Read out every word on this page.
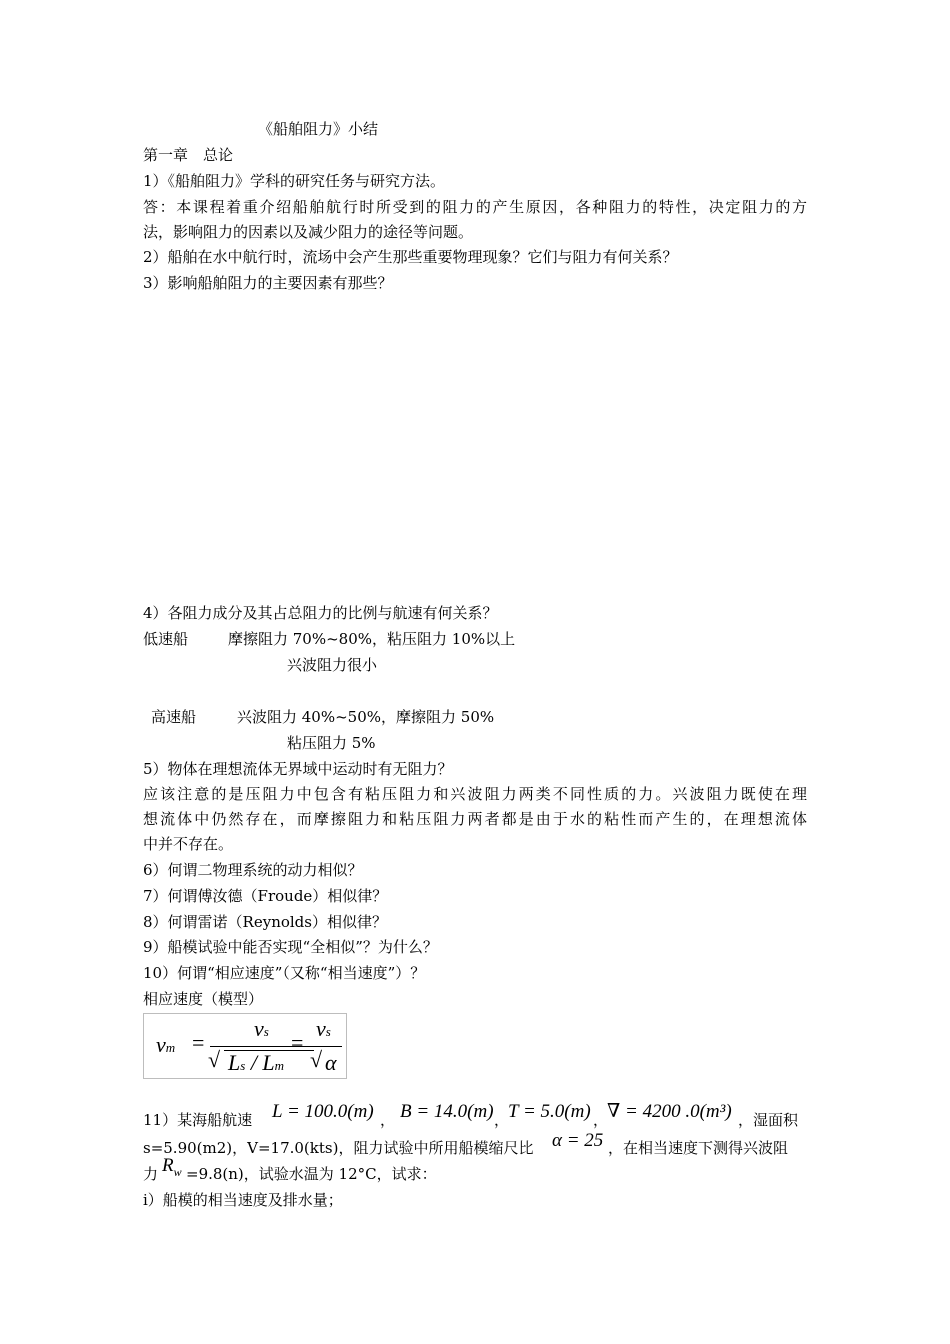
《船舶阻力》小结
第一章　总论
1）《船舶阻力》学科的研究任务与研究方法。
答：本课程着重介绍船舶航行时所受到的阻力的产生原因，各种阻力的特性，决定阻力的方
法，影响阻力的因素以及减少阻力的途径等问题。
2）船舶在水中航行时，流场中会产生那些重要物理现象？它们与阻力有何关系？
3）影响船舶阻力的主要因素有那些？
4）各阻力成分及其占总阻力的比例与航速有何关系？
低速船	摩擦阻力 70%~80%，粘压阻力 10%以上
兴波阻力很小
高速船	兴波阻力 40%~50%，摩擦阻力 50%
粘压阻力 5%
5）物体在理想流体无界域中运动时有无阻力？
应该注意的是压阻力中包含有粘压阻力和兴波阻力两类不同性质的力。兴波阻力既使在理
想流体中仍然存在，而摩擦阻力和粘压阻力两者都是由于水的粘性而产生的，在理想流体
中并不存在。
6）何谓二物理系统的动力相似？
7）何谓傅汝德（Froude）相似律？
8）何谓雷诺（Reynolds）相似律？
9）船模试验中能否实现“全相似”？为什么？
10）何谓“相应速度”（又称“相当速度”）？
相应速度（模型）
vm =
vs
√ Ls / Lm
=
vs
√ α
11）某海船航速 L = 100.0(m) ， B = 14.0(m) ，
T = 5.0(m) ，
∇ = 4200 .0(m³) ，湿面积
s=5.90(m2)，V=17.0(kts)，阻力试验中所用船模缩尺比 α = 25 ，在相当速度下测得兴波阻
力 $R_w =9.8(n)$，试验水温为 12°C，试求：
i）船模的相当速度及排水量；
